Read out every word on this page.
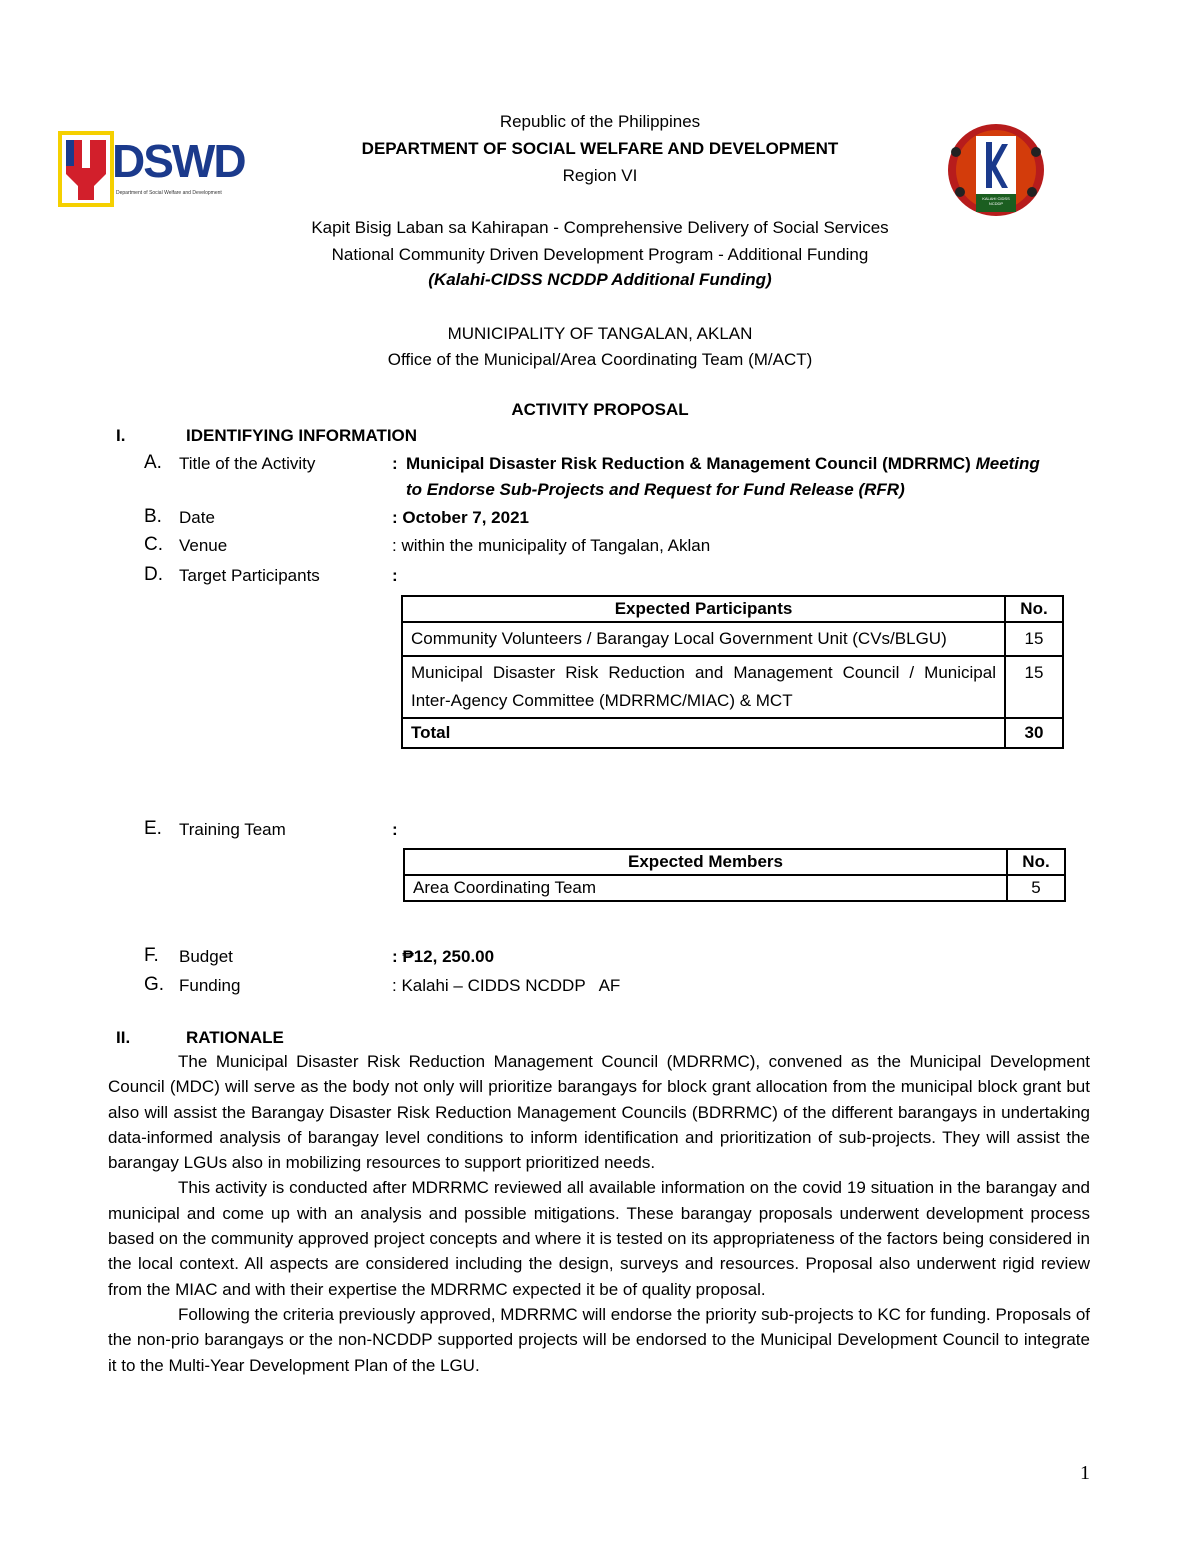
DSWD
Department of Social Welfare and Development
KALAHI CIDSS NCDDP
Republic of the Philippines
DEPARTMENT OF SOCIAL WELFARE AND DEVELOPMENT
Region VI
Kapit Bisig Laban sa Kahirapan - Comprehensive Delivery of Social Services
National Community Driven Development Program - Additional Funding
(Kalahi-CIDSS NCDDP Additional Funding)
MUNICIPALITY OF TANGALAN, AKLAN
Office of the Municipal/Area Coordinating Team (M/ACT)
ACTIVITY PROPOSAL
I.	IDENTIFYING INFORMATION
A. Title of the Activity	: Municipal Disaster Risk Reduction & Management Council (MDRRMC) Meeting
to Endorse Sub-Projects and Request for Fund Release (RFR)
B. Date	: October 7, 2021
C. Venue	: within the municipality of Tangalan, Aklan
D. Target Participants	:
Expected Participants	No.
Community Volunteers / Barangay Local Government Unit (CVs/BLGU)	15
Municipal Disaster Risk Reduction and Management Council / Municipal Inter-Agency Committee (MDRRMC/MIAC) & MCT	15
Total	30
E. Training Team	:
Expected Members	No.
Area Coordinating Team	5
F. Budget	: ₱12, 250.00
G. Funding	: Kalahi – CIDDS NCDDP   AF
II.	RATIONALE

The Municipal Disaster Risk Reduction Management Council (MDRRMC), convened as the Municipal Development Council (MDC) will serve as the body not only will prioritize barangays for block grant allocation from the municipal block grant but also will assist the Barangay Disaster Risk Reduction Management Councils (BDRRMC) of the different barangays in undertaking data-informed analysis of barangay level conditions to inform identification and prioritization of sub-projects. They will assist the barangay LGUs also in mobilizing resources to support prioritized needs.

This activity is conducted after MDRRMC reviewed all available information on the covid 19 situation in the barangay and municipal and come up with an analysis and possible mitigations. These barangay proposals underwent development process based on the community approved project concepts and where it is tested on its appropriateness of the factors being considered in the local context. All aspects are considered including the design, surveys and resources. Proposal also underwent rigid review from the MIAC and with their expertise the MDRRMC expected it be of quality proposal.

Following the criteria previously approved, MDRRMC will endorse the priority sub-projects to KC for funding. Proposals of the non-prio barangays or the non-NCDDP supported projects will be endorsed to the Municipal Development Council to integrate it to the Multi-Year Development Plan of the LGU.

1
